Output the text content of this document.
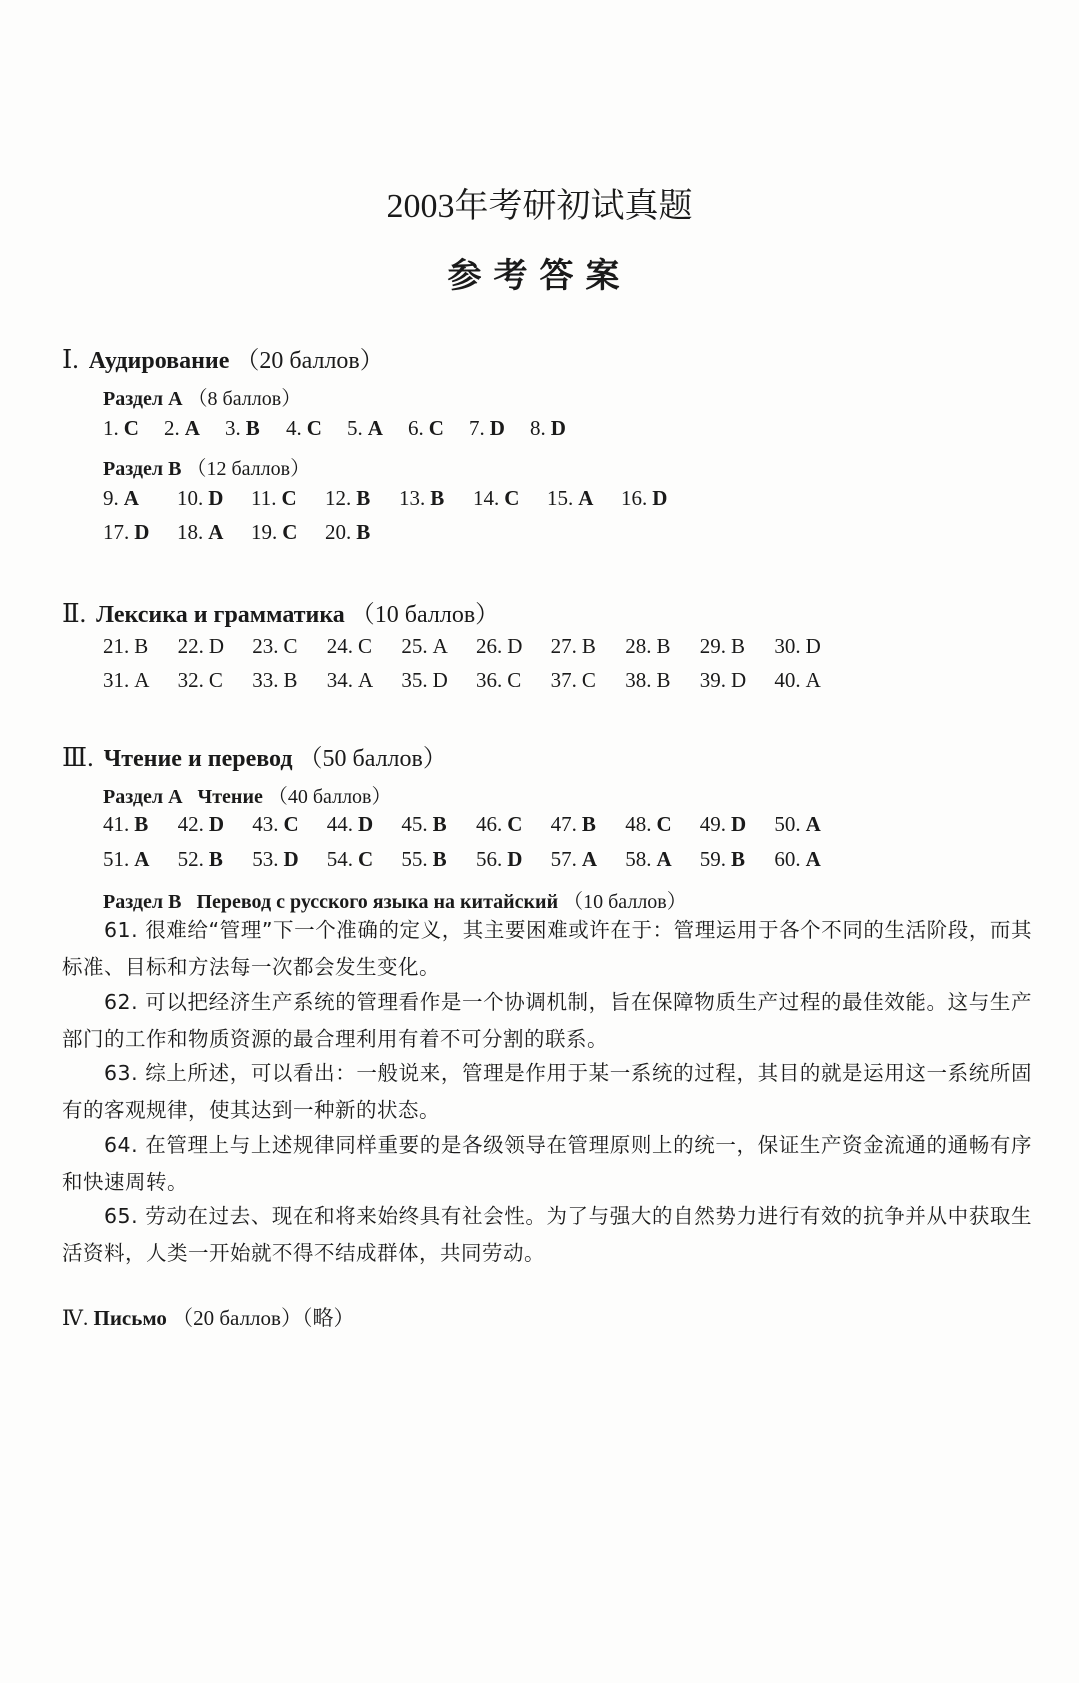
2003年考研初试真题
参考答案
Ⅰ. Аудирование （20 баллов）
Раздел А （8 баллов）
1. C 2. A 3. B 4. C 5. A 6. C 7. D 8. D
Раздел В （12 баллов）
9. A 10. D 11. C 12. B 13. B 14. C 15. A 16. D
17. D 18. A 19. C 20. B
Ⅱ. Лексика и грамматика （10 баллов）
21. B 22. D 23. C 24. C 25. A 26. D 27. B 28. B 29. B 30. D
31. A 32. C 33. B 34. A 35. D 36. C 37. C 38. B 39. D 40. A
Ⅲ. Чтение и перевод （50 баллов）
Раздел А   Чтение （40 баллов）
41. B 42. D 43. C 44. D 45. B 46. C 47. B 48. C 49. D 50. A
51. A 52. B 53. D 54. C 55. B 56. D 57. A 58. A 59. B 60. A
Раздел В   Перевод с русского языка на китайский （10 баллов）
61. 很难给“管理”下一个准确的定义，其主要困难或许在于：管理运用于各个不同的生活阶段，而其标准、目标和方法每一次都会发生变化。
62. 可以把经济生产系统的管理看作是一个协调机制，旨在保障物质生产过程的最佳效能。这与生产部门的工作和物质资源的最合理利用有着不可分割的联系。
63. 综上所述，可以看出：一般说来，管理是作用于某一系统的过程，其目的就是运用这一系统所固有的客观规律，使其达到一种新的状态。
64. 在管理上与上述规律同样重要的是各级领导在管理原则上的统一，保证生产资金流通的通畅有序和快速周转。
65. 劳动在过去、现在和将来始终具有社会性。为了与强大的自然势力进行有效的抗争并从中获取生活资料，人类一开始就不得不结成群体，共同劳动。
Ⅳ. Письмо （20 баллов）（略）
